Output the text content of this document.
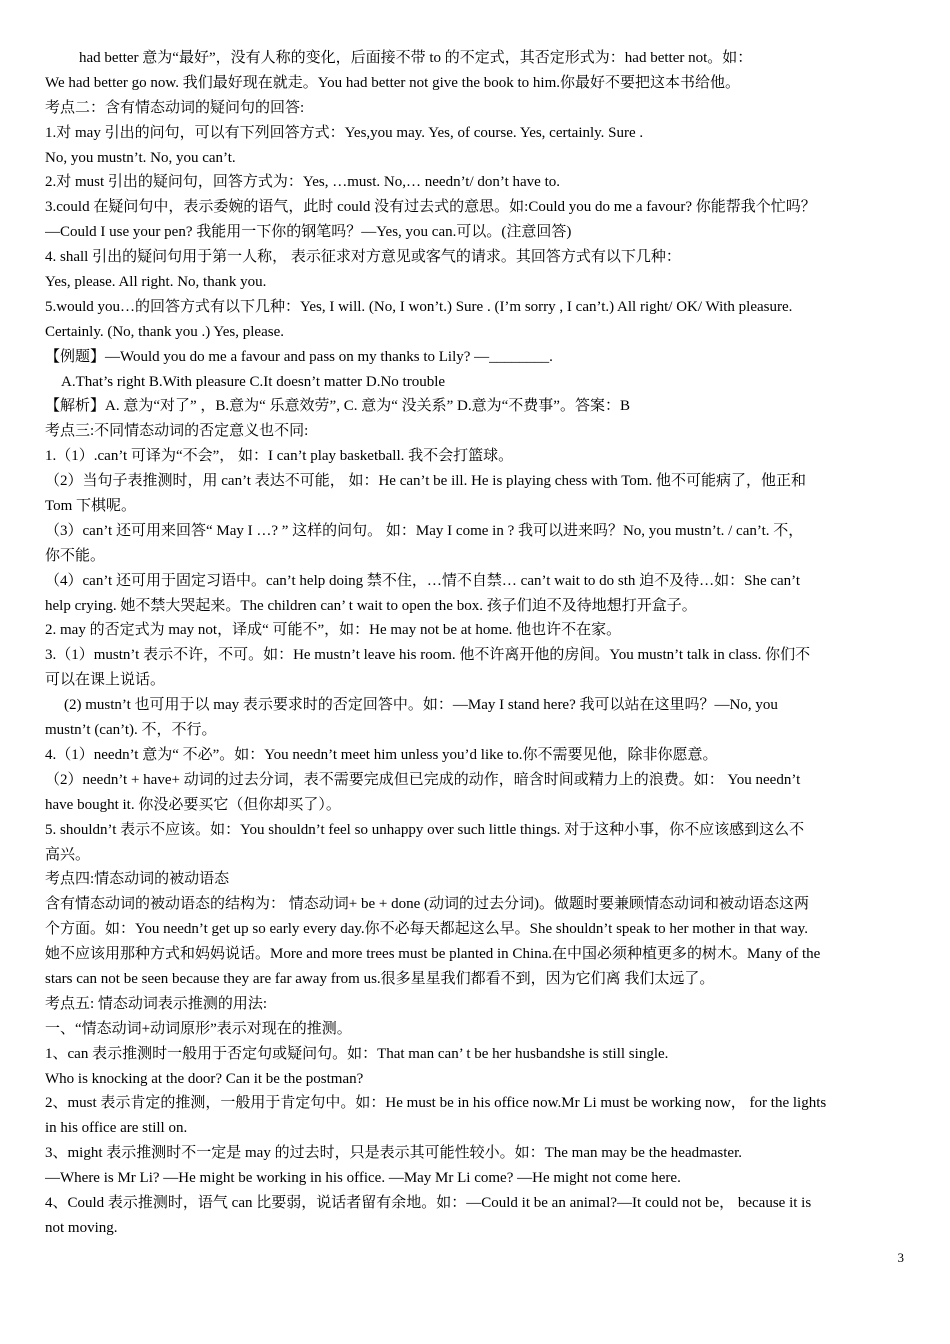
had better 意为“最好”，没有人称的变化，后面接不带 to 的不定式，其否定形式为：had better not。如：
We had better go now. 我们最好现在就走。You had better not give the book to him.你最好不要把这本书给他。
考点二：含有情态动词的疑问句的回答:
1.对 may 引出的问句，可以有下列回答方式：Yes,you may. Yes, of course. Yes, certainly. Sure .
No, you mustn’t. No, you can’t.
2.对 must 引出的疑问句，回答方式为：Yes, …must. No,… needn’t/ don’t have to.
3.could 在疑问句中，表示委婉的语气，此时 could 没有过去式的意思。如:Could you do me a favour? 你能帮我个忙吗？
—Could I use your pen? 我能用一下你的钢笔吗？—Yes, you can.可以。(注意回答)
4. shall 引出的疑问句用于第一人称， 表示征求对方意见或客气的请求。其回答方式有以下几种：
Yes, please. All right. No, thank you.
5.would you…的回答方式有以下几种：Yes, I will. (No, I won’t.) Sure . (I’m sorry , I can’t.) All right/ OK/ With pleasure.
Certainly. (No, thank you .) Yes, please.
【例题】—Would you do me a favour and pass on my thanks to Lily? —________.
A.That’s right B.With pleasure C.It doesn’t matter D.No trouble
【解析】A. 意为“对了” ，B.意为“ 乐意效劳”, C. 意为“ 没关系” D.意为“不费事”。答案：B
考点三:不同情态动词的否定意义也不同:
1.（1）.can’t 可译为“不会”， 如：I can’t play basketball. 我不会打篮球。
（2）当句子表推测时，用 can’t 表达不可能， 如：He can’t be ill. He is playing chess with Tom. 他不可能病了，他正和
Tom 下棋呢。
（3）can’t 还可用来回答“ May I …? ” 这样的问句。 如：May I come in ? 我可以进来吗？No, you mustn’t. / can’t. 不，
你不能。
（4）can’t 还可用于固定习语中。can’t help doing 禁不住，…情不自禁… can’t wait to do sth 迫不及待…如：She can’t
help crying. 她不禁大哭起来。The children can’ t wait to open the box. 孩子们迫不及待地想打开盒子。
2. may 的否定式为 may not，译成“ 可能不”，如：He may not be at home. 他也许不在家。
3.（1）mustn’t 表示不许，不可。如：He mustn’t leave his room. 他不许离开他的房间。You mustn’t talk in class. 你们不
可以在课上说话。
(2) mustn’t 也可用于以 may 表示要求时的否定回答中。如：—May I stand here? 我可以站在这里吗？—No, you
mustn’t (can’t). 不，不行。
4.（1）needn’t 意为“ 不必”。如：You needn’t meet him unless you’d like to.你不需要见他，除非你愿意。
（2）needn’t + have+ 动词的过去分词，表不需要完成但已完成的动作，暗含时间或精力上的浪费。如： You needn’t
have bought it. 你没必要买它（但你却买了）。
5. shouldn’t 表示不应该。如：You shouldn’t feel so unhappy over such little things. 对于这种小事，你不应该感到这么不
高兴。
考点四:情态动词的被动语态
含有情态动词的被动语态的结构为： 情态动词+ be + done (动词的过去分词)。做题时要兼顾情态动词和被动语态这两
个方面。如：You needn’t get up so early every day.你不必每天都起这么早。She shouldn’t speak to her mother in that way.
她不应该用那种方式和妈妈说话。More and more trees must be planted in China.在中国必须种植更多的树木。Many of the
stars can not be seen because they are far away from us.很多星星我们都看不到，因为它们离 我们太远了。
考点五: 情态动词表示推测的用法:
一、“情态动词+动词原形”表示对现在的推测。
1、can 表示推测时一般用于否定句或疑问句。如：That man can’ t be her husbandshe is still single.
Who is knocking at the door? Can it be the postman?
2、must 表示肯定的推测，一般用于肯定句中。如：He must be in his office now.Mr Li must be working now， for the lights
in his office are still on.
3、might 表示推测时不一定是 may 的过去时，只是表示其可能性较小。如：The man may be the headmaster.
—Where is Mr Li? —He might be working in his office. —May Mr Li come? —He might not come here.
4、Could 表示推测时，语气 can 比要弱，说话者留有余地。如：—Could it be an animal?—It could not be， because it is
not moving.
3
